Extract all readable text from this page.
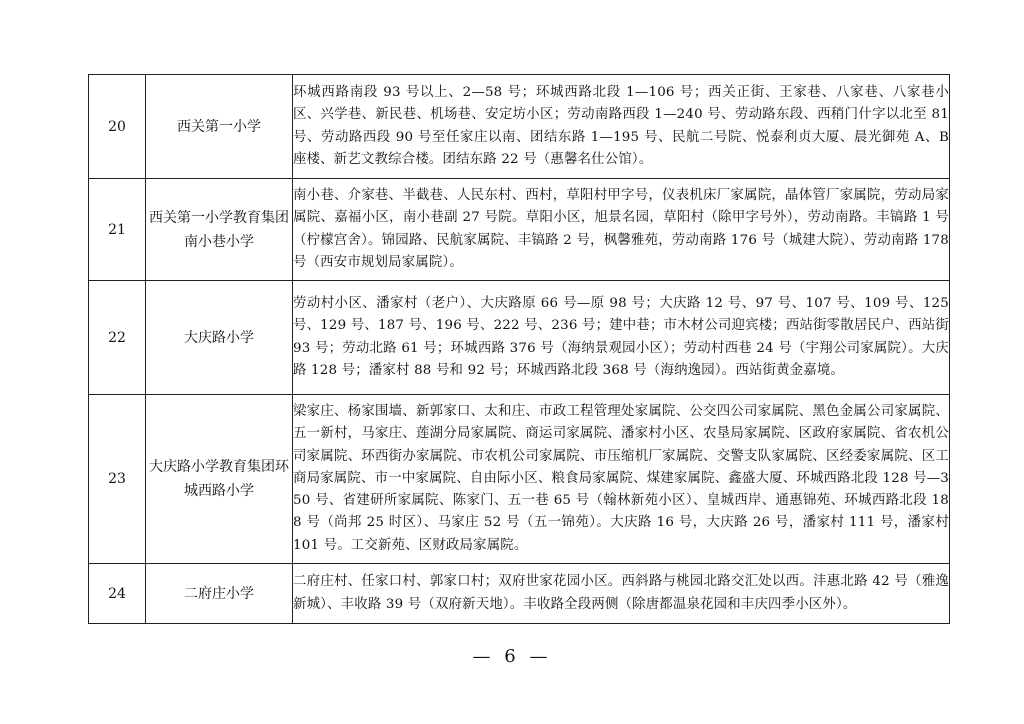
20	西关第一小学	环城西路南段 93 号以上、2—58 号；环城西路北段 1—106 号；西关正街、王家巷、八家巷、八家巷小区、兴学巷、新民巷、机场巷、安定坊小区；劳动南路西段 1—240 号、劳动路东段、西稍门什字以北至 81 号、劳动路西段 90 号至任家庄以南、团结东路 1—195 号、民航二号院、悦泰利贞大厦、晨光御苑 A、B 座楼、新艺文教综合楼。团结东路 22 号（惠馨名仕公馆）。
21	西关第一小学教育集团南小巷小学	南小巷、介家巷、半截巷、人民东村、西村，草阳村甲字号，仪表机床厂家属院，晶体管厂家属院，劳动局家属院、嘉福小区，南小巷副 27 号院。草阳小区，旭景名园，草阳村（除甲字号外），劳动南路。丰镐路 1 号（柠檬宫舍）。锦园路、民航家属院、丰镐路 2 号，枫馨雅苑，劳动南路 176 号（城建大院）、劳动南路 178 号（西安市规划局家属院）。
22	大庆路小学	劳动村小区、潘家村（老户）、大庆路原 66 号—原 98 号；大庆路 12 号、97 号、107 号、109 号、125 号、129 号、187 号、196 号、222 号、236 号；建中巷；市木材公司迎宾楼；西站街零散居民户、西站街 93 号；劳动北路 61 号；环城西路 376 号（海纳景观园小区）；劳动村西巷 24 号（宇翔公司家属院）。大庆路 128 号；潘家村 88 号和 92 号；环城西路北段 368 号（海纳逸园）。西站街黄金嘉境。
23	大庆路小学教育集团环城西路小学	梁家庄、杨家围墙、新郭家口、太和庄、市政工程管理处家属院、公交四公司家属院、黑色金属公司家属院、五一新村，马家庄、莲湖分局家属院、商运司家属院、潘家村小区、农垦局家属院、区政府家属院、省农机公司家属院、环西街办家属院、市农机公司家属院、市压缩机厂家属院、交警支队家属院、区经委家属院、区工商局家属院、市一中家属院、自由际小区、粮食局家属院、煤建家属院、鑫盛大厦、环城西路北段 128 号—350 号、省建研所家属院、陈家门、五一巷 65 号（翰林新苑小区）、皇城西岸、通惠锦苑、环城西路北段 188 号（尚邦 25 时区）、马家庄 52 号（五一锦苑）。大庆路 16 号，大庆路 26 号，潘家村 111 号，潘家村 101 号。工交新苑、区财政局家属院。
24	二府庄小学	二府庄村、任家口村、郭家口村；双府世家花园小区。西斜路与桃园北路交汇处以西。沣惠北路 42 号（雅逸新城）、丰收路 39 号（双府新天地）。丰收路全段两侧（除唐都温泉花园和丰庆四季小区外）。
— 6 —
